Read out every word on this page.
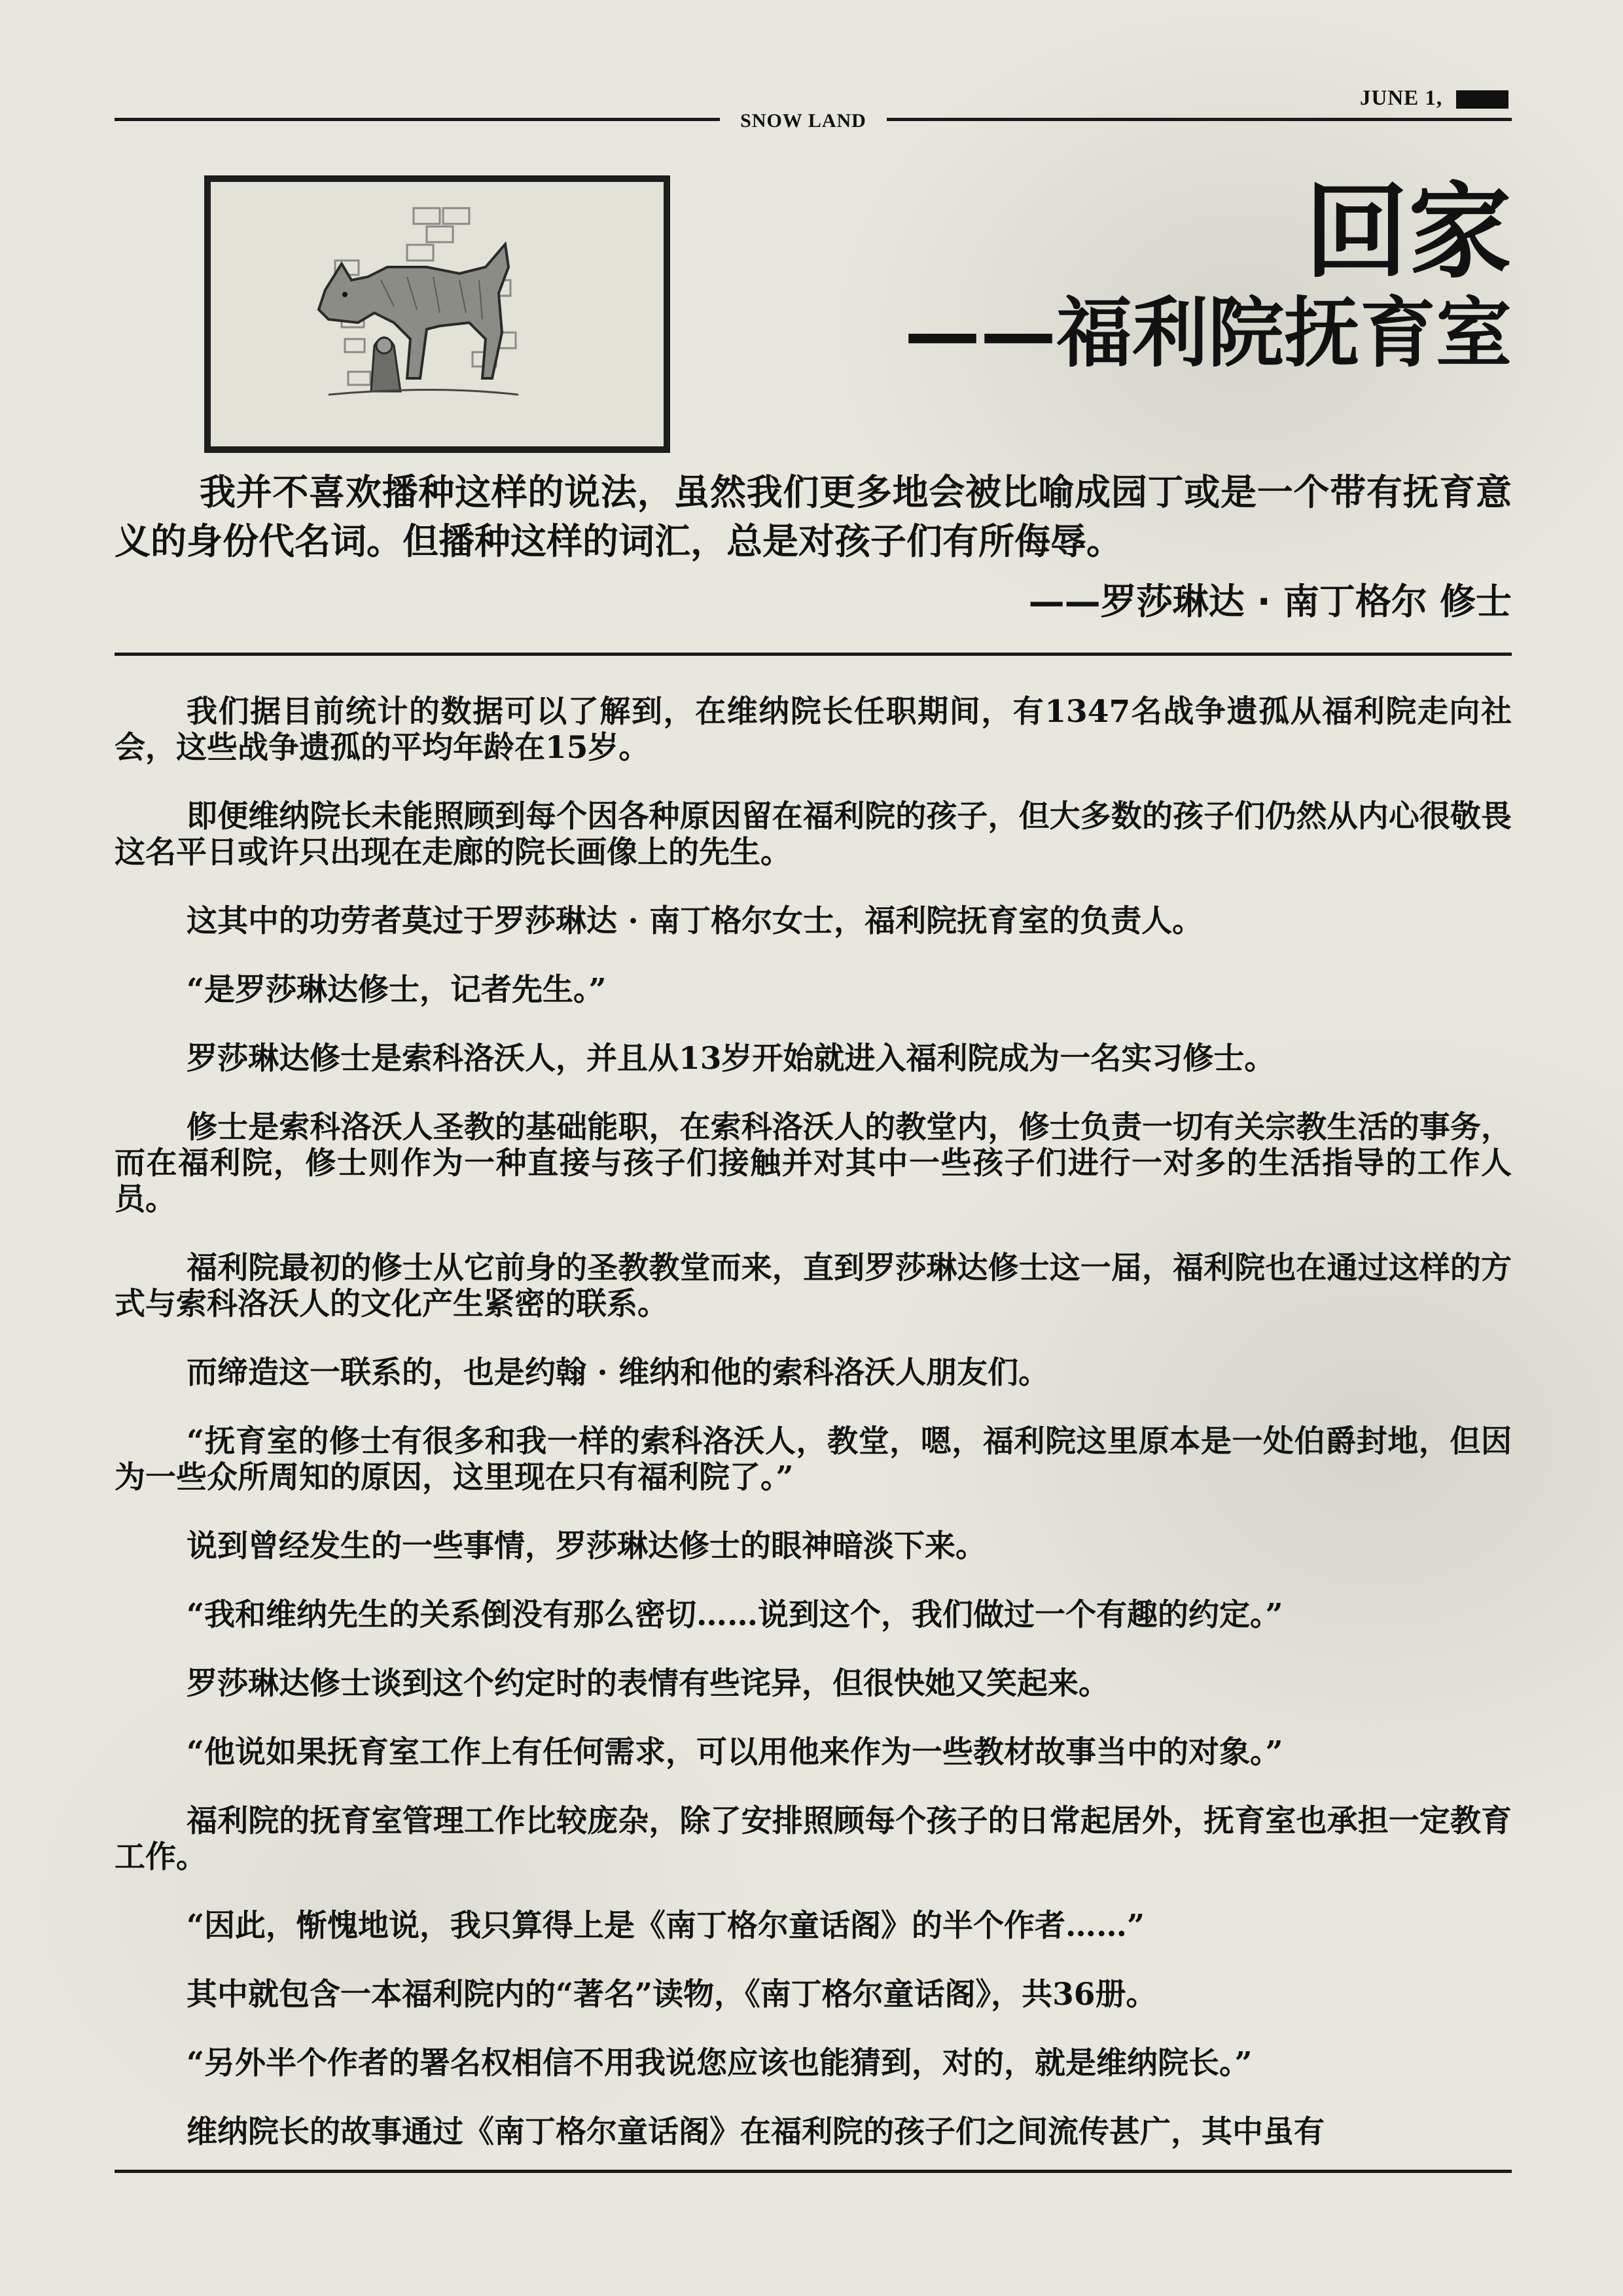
JUNE 1,
SNOW LAND
回家
——福利院抚育室

我并不喜欢播种这样的说法，虽然我们更多地会被比喻成园丁或是一个带有抚育意义的身份代名词。但播种这样的词汇，总是对孩子们有所侮辱。

——罗莎琳达 · 南丁格尔 修士

我们据目前统计的数据可以了解到，在维纳院长任职期间，有1347名战争遗孤从福利院走向社会，这些战争遗孤的平均年龄在15岁。

即便维纳院长未能照顾到每个因各种原因留在福利院的孩子，但大多数的孩子们仍然从内心很敬畏这名平日或许只出现在走廊的院长画像上的先生。

这其中的功劳者莫过于罗莎琳达 · 南丁格尔女士，福利院抚育室的负责人。

“是罗莎琳达修士，记者先生。”

罗莎琳达修士是索科洛沃人，并且从13岁开始就进入福利院成为一名实习修士。

修士是索科洛沃人圣教的基础能职，在索科洛沃人的教堂内，修士负责一切有关宗教生活的事务，而在福利院，修士则作为一种直接与孩子们接触并对其中一些孩子们进行一对多的生活指导的工作人员。

福利院最初的修士从它前身的圣教教堂而来，直到罗莎琳达修士这一届，福利院也在通过这样的方式与索科洛沃人的文化产生紧密的联系。

而缔造这一联系的，也是约翰 · 维纳和他的索科洛沃人朋友们。

“抚育室的修士有很多和我一样的索科洛沃人，教堂，嗯，福利院这里原本是一处伯爵封地，但因为一些众所周知的原因，这里现在只有福利院了。”

说到曾经发生的一些事情，罗莎琳达修士的眼神暗淡下来。

“我和维纳先生的关系倒没有那么密切……说到这个，我们做过一个有趣的约定。”

罗莎琳达修士谈到这个约定时的表情有些诧异，但很快她又笑起来。

“他说如果抚育室工作上有任何需求，可以用他来作为一些教材故事当中的对象。”

福利院的抚育室管理工作比较庞杂，除了安排照顾每个孩子的日常起居外，抚育室也承担一定教育工作。

“因此，惭愧地说，我只算得上是《南丁格尔童话阁》的半个作者……”

其中就包含一本福利院内的“著名”读物，《南丁格尔童话阁》，共36册。

“另外半个作者的署名权相信不用我说您应该也能猜到，对的，就是维纳院长。”

维纳院长的故事通过《南丁格尔童话阁》在福利院的孩子们之间流传甚广，其中虽有
